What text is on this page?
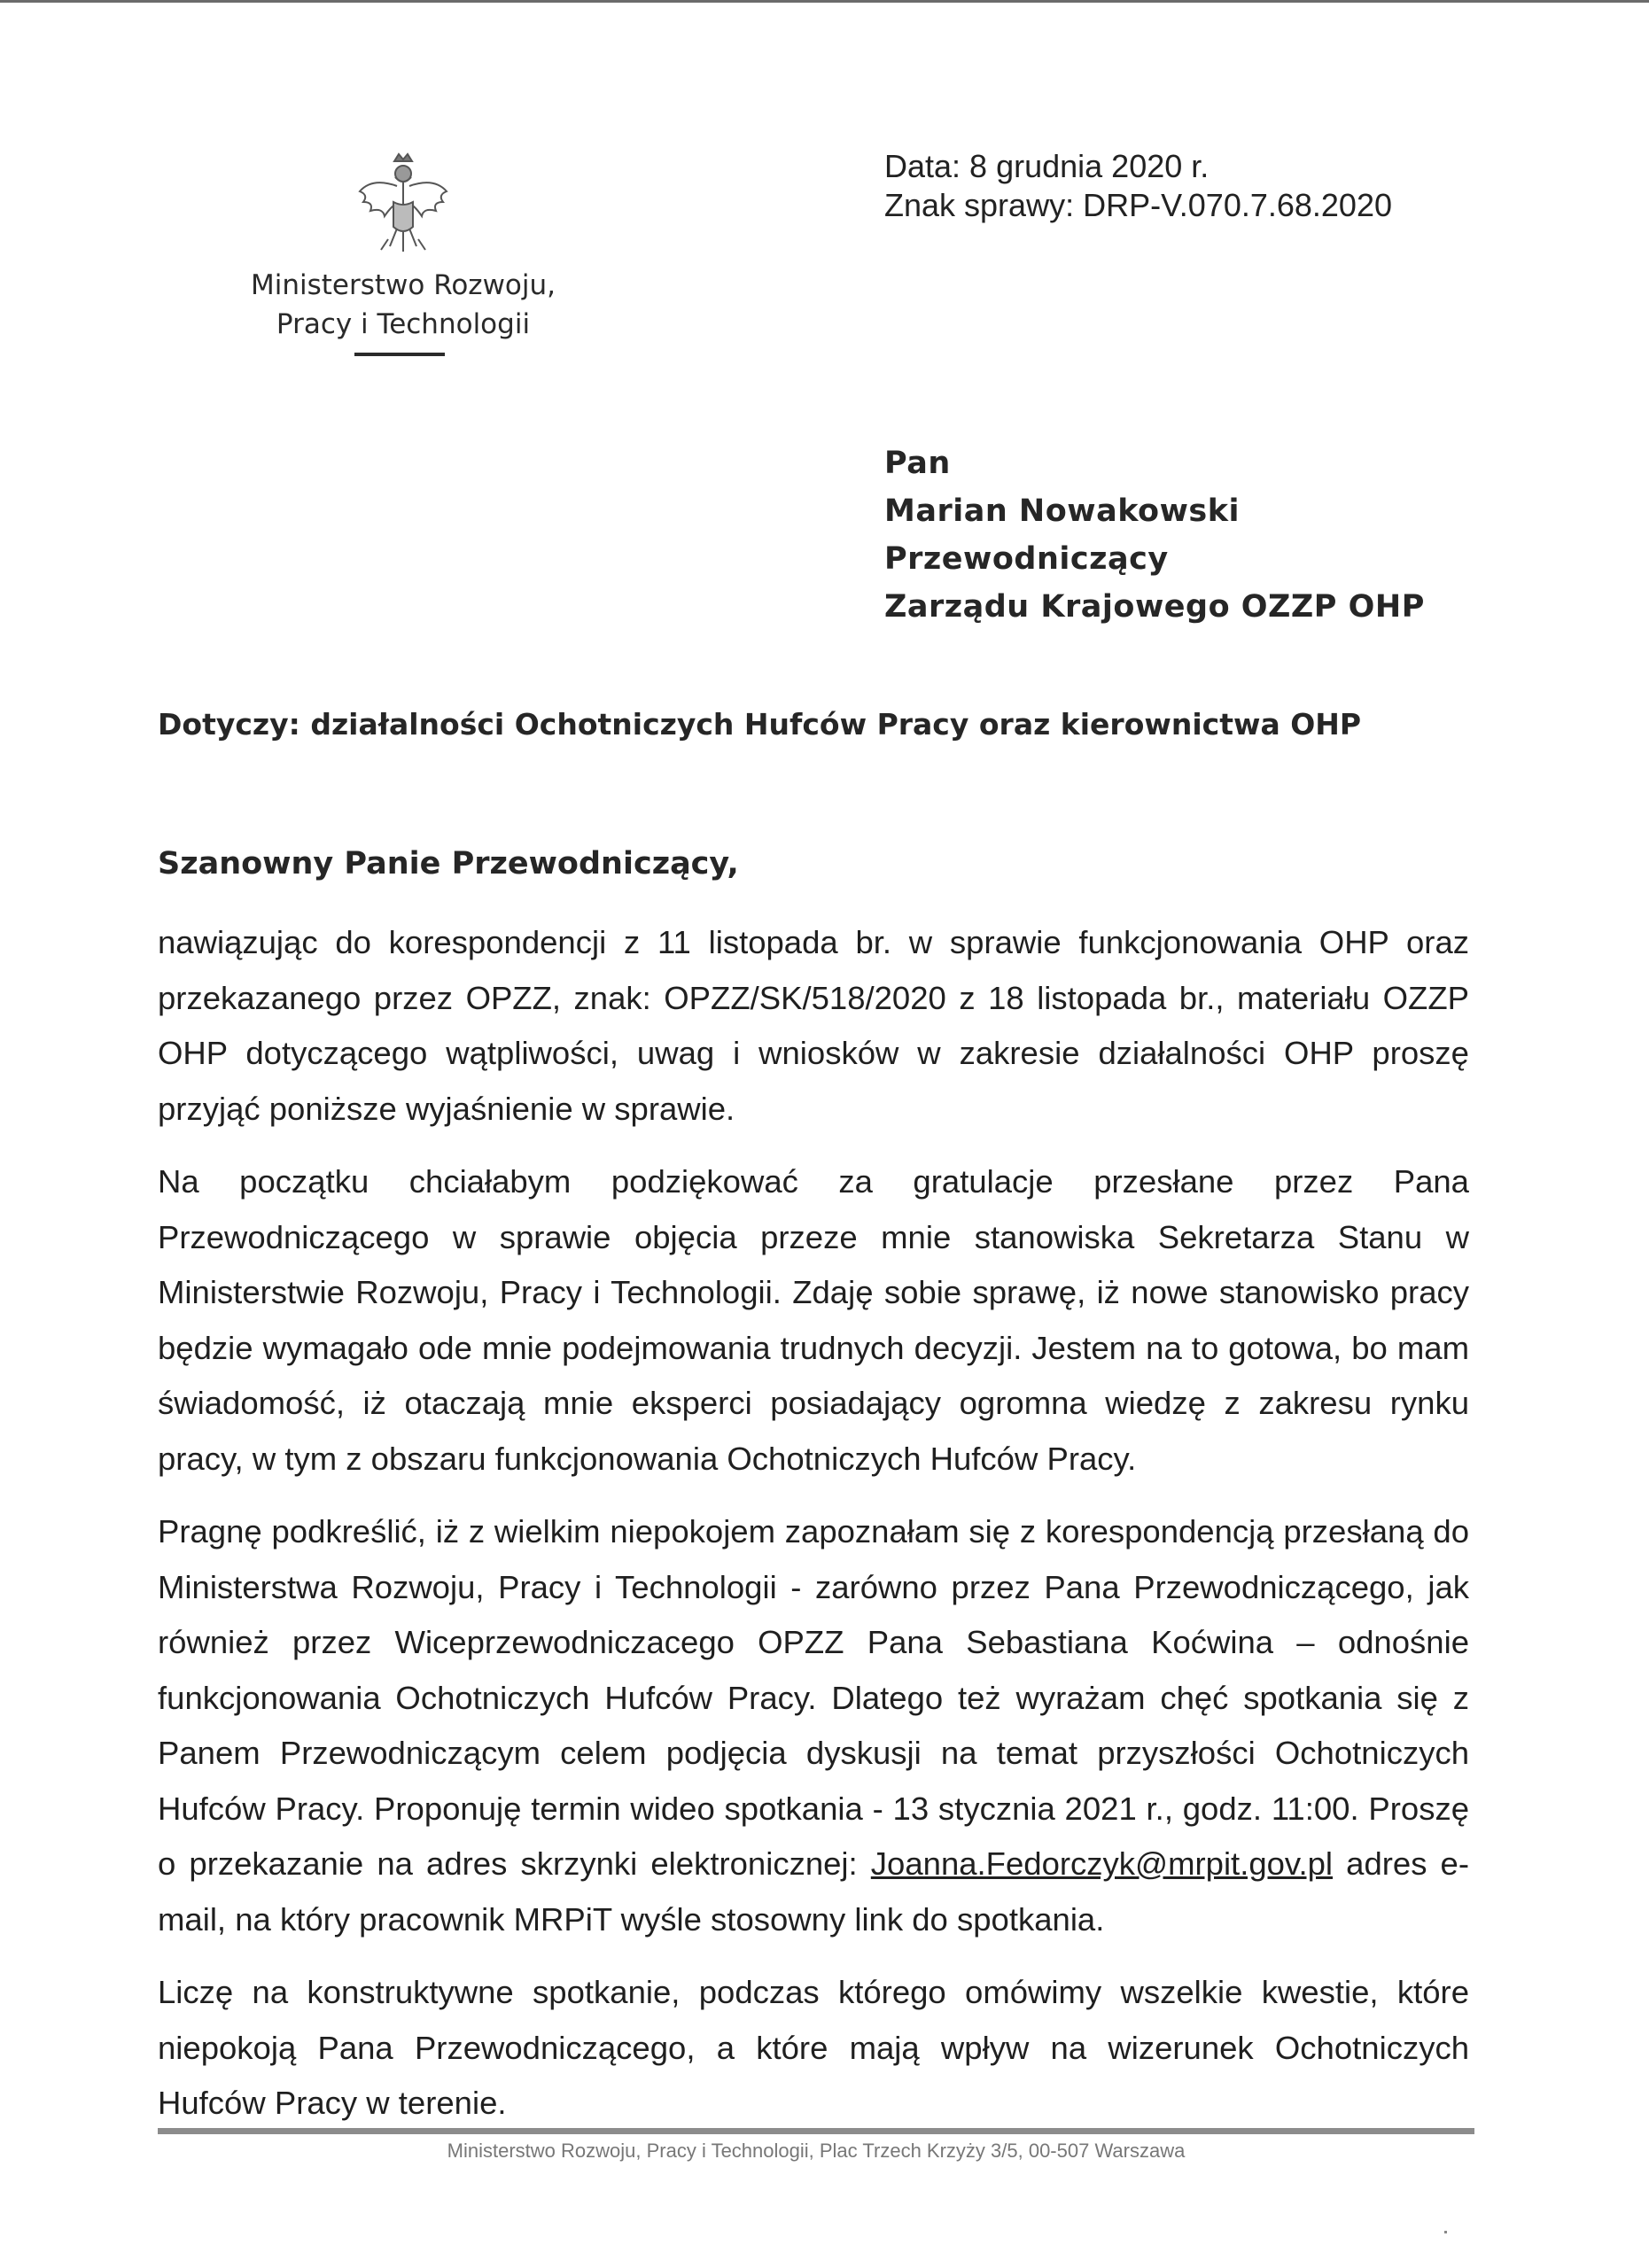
Ministerstwo Rozwoju,
Pracy i Technologii
Data: 8 grudnia 2020 r.
Znak sprawy: DRP-V.070.7.68.2020
Pan
Marian Nowakowski
Przewodniczący
Zarządu Krajowego OZZP OHP
Dotyczy: działalności Ochotniczych Hufców Pracy oraz kierownictwa OHP
Szanowny Panie Przewodniczący,

nawiązując do korespondencji z 11 listopada br. w sprawie funkcjonowania OHP oraz przekazanego przez OPZZ, znak: OPZZ/SK/518/2020 z 18 listopada br., materiału OZZP OHP dotyczącego wątpliwości, uwag i wniosków w zakresie działalności OHP proszę przyjąć poniższe wyjaśnienie w sprawie.

Na początku chciałabym podziękować za gratulacje przesłane przez Pana Przewodniczącego w sprawie objęcia przeze mnie stanowiska Sekretarza Stanu w Ministerstwie Rozwoju, Pracy i Technologii. Zdaję sobie sprawę, iż nowe stanowisko pracy będzie wymagało ode mnie podejmowania trudnych decyzji. Jestem na to gotowa, bo mam świadomość, iż otaczają mnie eksperci posiadający ogromna wiedzę z zakresu rynku pracy, w tym z obszaru funkcjonowania Ochotniczych Hufców Pracy.

Pragnę podkreślić, iż z wielkim niepokojem zapoznałam się z korespondencją przesłaną do Ministerstwa Rozwoju, Pracy i Technologii - zarówno przez Pana Przewodniczącego, jak również przez Wiceprzewodniczacego OPZZ Pana Sebastiana Koćwina – odnośnie funkcjonowania Ochotniczych Hufców Pracy. Dlatego też wyrażam chęć spotkania się z Panem Przewodniczącym celem podjęcia dyskusji na temat przyszłości Ochotniczych Hufców Pracy. Proponuję termin wideo spotkania - 13 stycznia 2021 r., godz. 11:00. Proszę o przekazanie na adres skrzynki elektronicznej: Joanna.Fedorczyk@mrpit.gov.pl adres e-mail, na który pracownik MRPiT wyśle stosowny link do spotkania.

Liczę na konstruktywne spotkanie, podczas którego omówimy wszelkie kwestie, które niepokoją Pana Przewodniczącego, a które mają wpływ na wizerunek Ochotniczych Hufców Pracy w terenie.

Ministerstwo Rozwoju, Pracy i Technologii, Plac Trzech Krzyży 3/5, 00-507 Warszawa
